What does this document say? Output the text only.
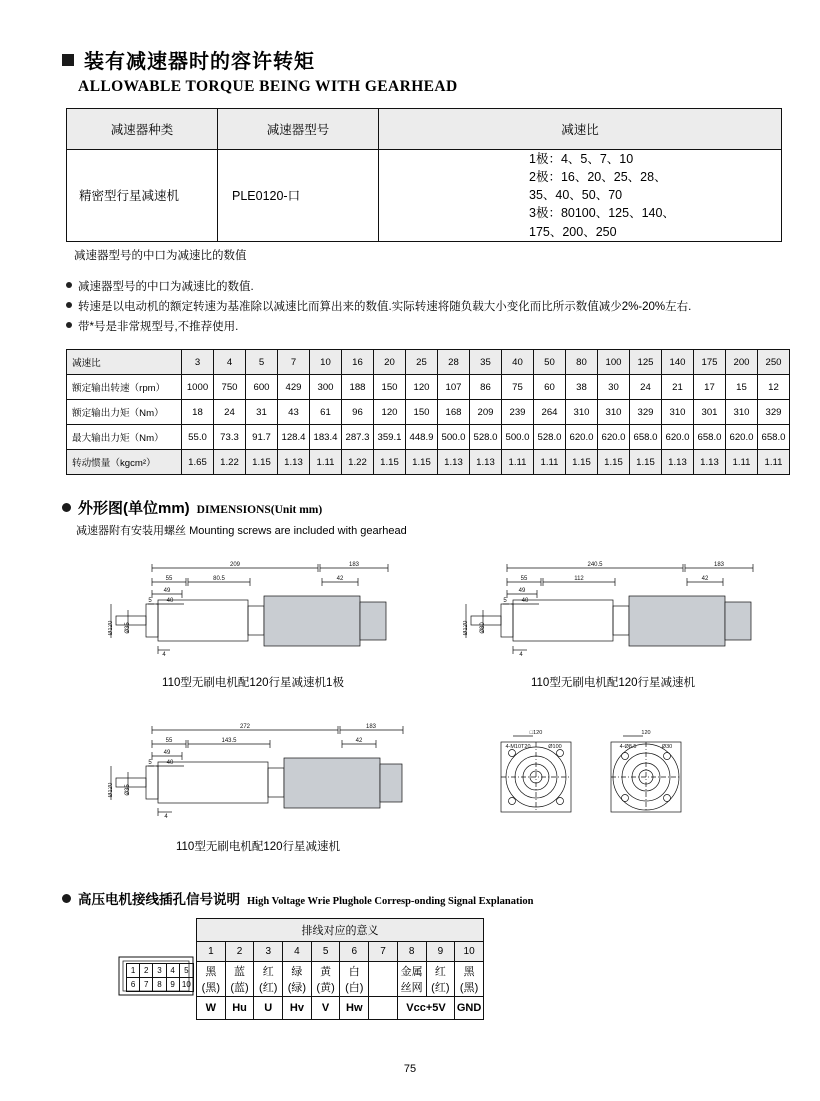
装有减速器时的容许转矩
ALLOWABLE TORQUE BEING WITH GEARHEAD
减速器种类	减速器型号	减速比
精密型行星减速机	PLE0120-口	1极：4、5、7、10
2极：16、20、25、28、
35、40、50、70
3极：80100、125、140、
175、200、250
减速器型号的中口为减速比的数值
减速器型号的中口为减速比的数值.
转速是以电动机的额定转速为基准除以减速比而算出来的数值.实际转速将随负载大小变化而比所示数值减少2%-20%左右.
带*号是非常规型号,不推荐使用.
减速比	3	4	5	7	10	16	20	25	28	35	40	50	80	100	125	140	175	200	250
额定输出转速（rpm）	1000	750	600	429	300	188	150	120	107	86	75	60	38	30	24	21	17	15	12
额定输出力矩（Nm）	18	24	31	43	61	96	120	150	168	209	239	264	310	310	329	310	301	310	329
最大输出力矩（Nm）	55.0	73.3	91.7	128.4	183.4	287.3	359.1	448.9	500.0	528.0	500.0	528.0	620.0	620.0	658.0	620.0	658.0	620.0	658.0
转动惯量（kgcm²）	1.65	1.22	1.15	1.13	1.11	1.22	1.15	1.15	1.13	1.13	1.11	1.11	1.15	1.15	1.15	1.13	1.13	1.11	1.11
外形图(单位mm) DIMENSIONS(Unit mm)
减速器附有安装用螺丝 Mounting screws are included with gearhead
209	183
55	80.5	42
49
5 40
4
Ø120 Ø35
110型无刷电机配120行星减速机1极
240.5	183
55	112	42
49
5 40
4
Ø120 Ø80
110型无刷电机配120行星减速机
272	183
55	143.5	42
49
5 40
4
Ø120 Ø35
110型无刷电机配120行星减速机
□120
4-M10T20	Ø100
120
4-Ø8.5	Ø30
高压电机接线插孔信号说明 High Voltage Wrie Plughole Corresp-onding Signal Explanation
1	2	3	4	5
6	7	8	9	10
排线对应的意义									
1	2	3	4	5	6	7	8	9	10
黑(黑)	蓝(蓝)	红(红)	绿(绿)	黄(黄)	白(白)		金属丝网	红(红)	黑(黑)
W	Hu	U	Hv	V	Hw		Vcc+5V		GND
75
